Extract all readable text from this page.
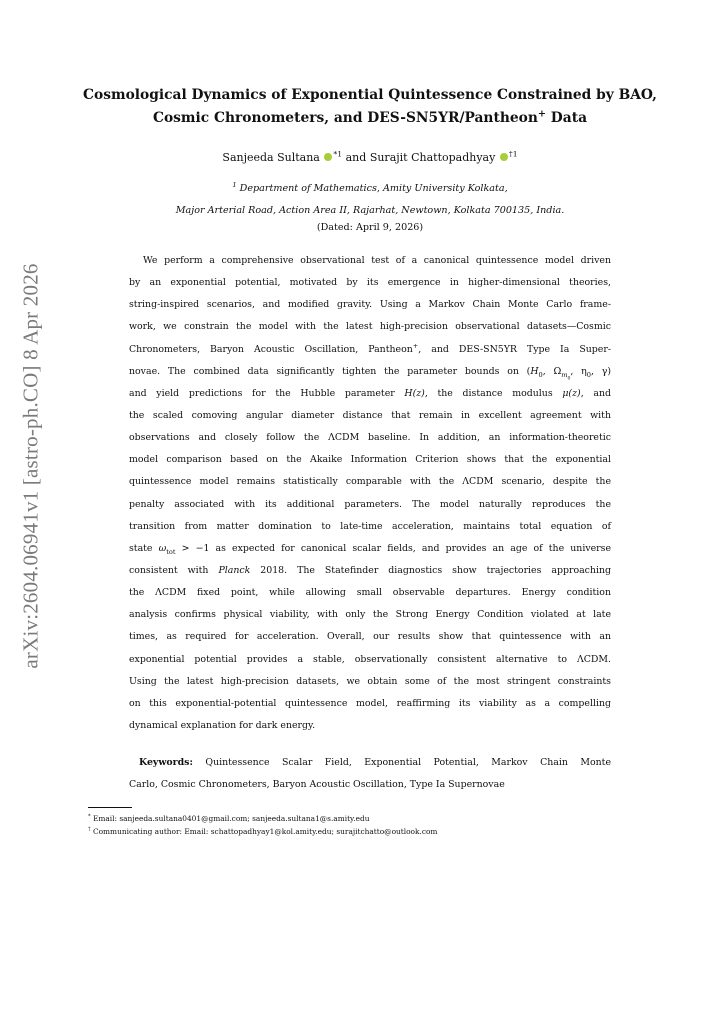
arXiv:2604.06941v1 [astro-ph.CO] 8 Apr 2026
Cosmological Dynamics of Exponential Quintessence Constrained by BAO,
Cosmic Chronometers, and DES-SN5YR/Pantheon+ Data
Sanjeeda Sultana $^{*1}$ and Surajit Chattopadhyay $^{\dagger 1}$
$^1$ Department of Mathematics, Amity University Kolkata,
Major Arterial Road, Action Area II, Rajarhat, Newtown, Kolkata 700135, India.
(Dated: April 9, 2026)
We perform a comprehensive observational test of a canonical quintessence model driven
by an exponential potential, motivated by its emergence in higher-dimensional theories,
string-inspired scenarios, and modified gravity. Using a Markov Chain Monte Carlo frame-
work, we constrain the model with the latest high-precision observational datasets—Cosmic
Chronometers, Baryon Acoustic Oscillation, Pantheon+, and DES-SN5YR Type Ia Super-
novae. The combined data significantly tighten the parameter bounds on ($H_0$, $\Omega_{m_0}$, $\eta_0$, γ)
and yield predictions for the Hubble parameter H(z), the distance modulus μ(z), and
the scaled comoving angular diameter distance that remain in excellent agreement with
observations and closely follow the ΛCDM baseline. In addition, an information-theoretic
model comparison based on the Akaike Information Criterion shows that the exponential
quintessence model remains statistically comparable with the ΛCDM scenario, despite the
penalty associated with its additional parameters. The model naturally reproduces the
transition from matter domination to late-time acceleration, maintains total equation of
state $\omega_{tot} > -1$ as expected for canonical scalar fields, and provides an age of the universe
consistent with Planck 2018. The Statefinder diagnostics show trajectories approaching
the ΛCDM fixed point, while allowing small observable departures. Energy condition
analysis confirms physical viability, with only the Strong Energy Condition violated at late
times, as required for acceleration. Overall, our results show that quintessence with an
exponential potential provides a stable, observationally consistent alternative to ΛCDM.
Using the latest high-precision datasets, we obtain some of the most stringent constraints
on this exponential-potential quintessence model, reaffirming its viability as a compelling
dynamical explanation for dark energy.
Keywords: Quintessence Scalar Field, Exponential Potential, Markov Chain Monte
Carlo, Cosmic Chronometers, Baryon Acoustic Oscillation, Type Ia Supernovae
* Email: sanjeeda.sultana0401@gmail.com; sanjeeda.sultana1@s.amity.edu
† Communicating author: Email: schattopadhyay1@kol.amity.edu; surajitchatto@outlook.com
